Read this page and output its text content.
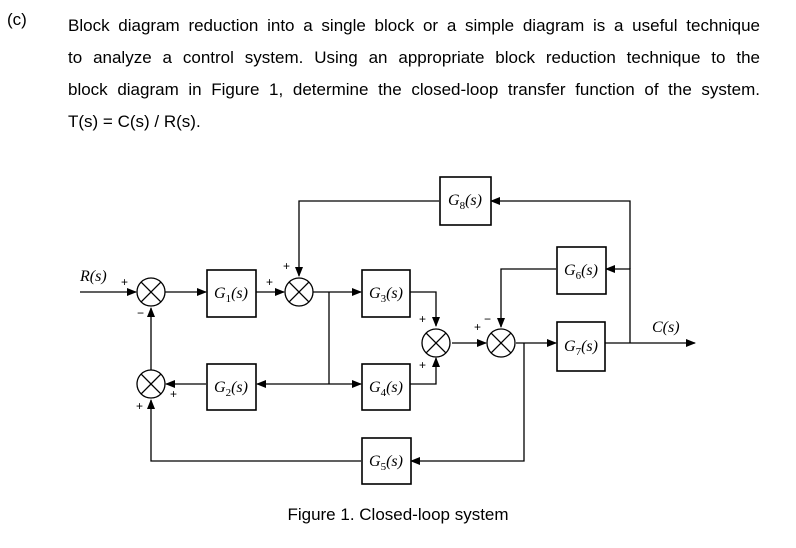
(c) Block diagram reduction into a single block or a simple diagram is a useful technique
to analyze a control system. Using an appropriate block reduction technique to the
block diagram in Figure 1, determine the closed-loop transfer function of the system.
T(s) = C(s) / R(s).
$G_1(s)$
$G_2(s)$
$G_3(s)$
$G_4(s)$
$G_5(s)$
$G_6(s)$
$G_7(s)$
$G_8(s)$
R(s)
C(s)
+
−
+
+
+
+
+	−
+
+
Figure 1. Closed-loop system
